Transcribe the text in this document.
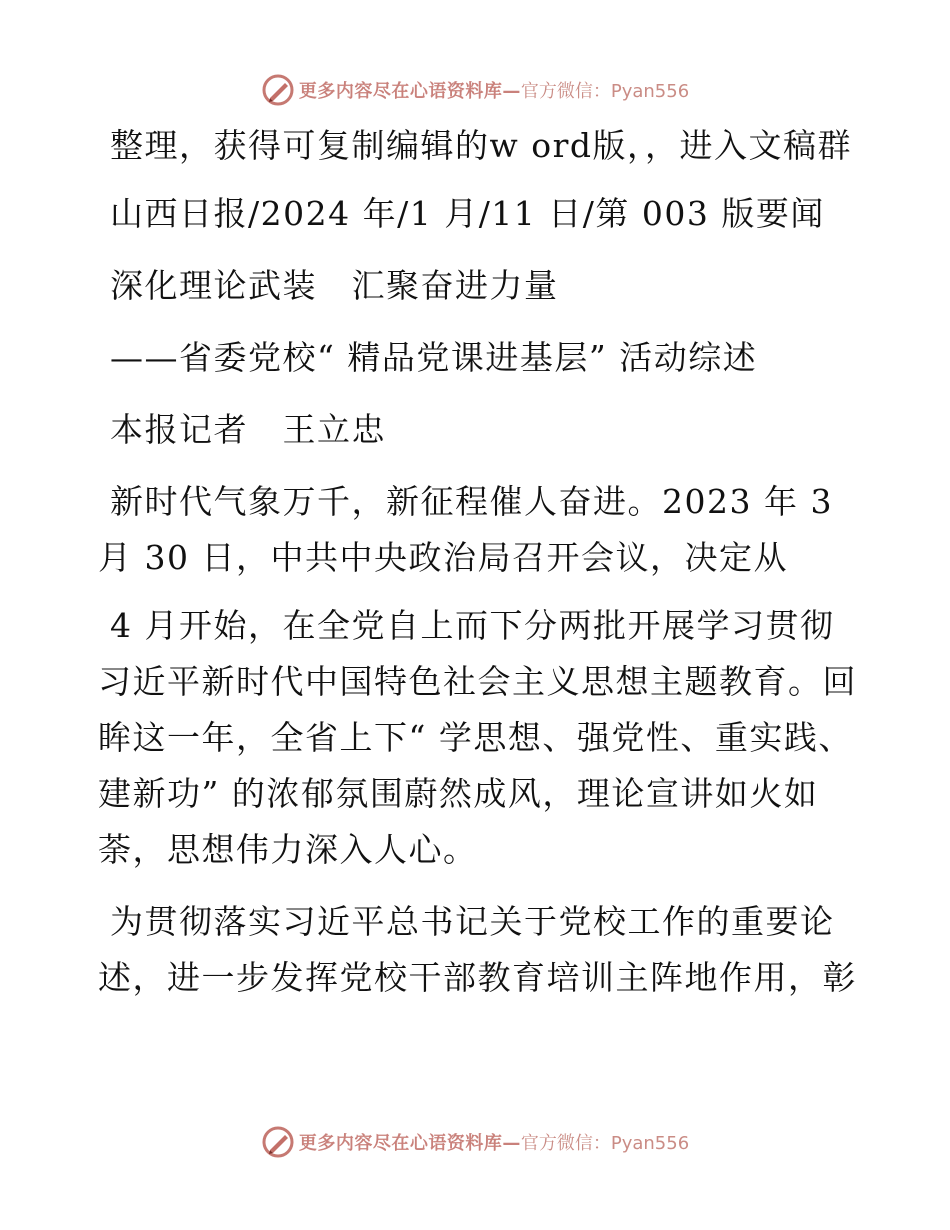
更多内容尽在心语资料库— 官方微信：Pyan556

整理，获得可复制编辑的w ord版，，进入文稿群

山西日报/2024 年/1 月/11 日/第 003 版要闻

深化理论武装　汇聚奋进力量

——省委党校“ 精品党课进基层” 活动综述

本报记者　王立忠

新时代气象万千，新征程催人奋进。2023 年 3 月 30 日，中共中央政治局召开会议，决定从

4 月开始，在全党自上而下分两批开展学习贯彻习近平新时代中国特色社会主义思想主题教育。回眸这一年，全省上下“ 学思想、强党性、重实践、建新功” 的浓郁氛围蔚然成风，理论宣讲如火如荼，思想伟力深入人心。

为贯彻落实习近平总书记关于党校工作的重要论述，进一步发挥党校干部教育培训主阵地作用，彰

更多内容尽在心语资料库— 官方微信：Pyan556
